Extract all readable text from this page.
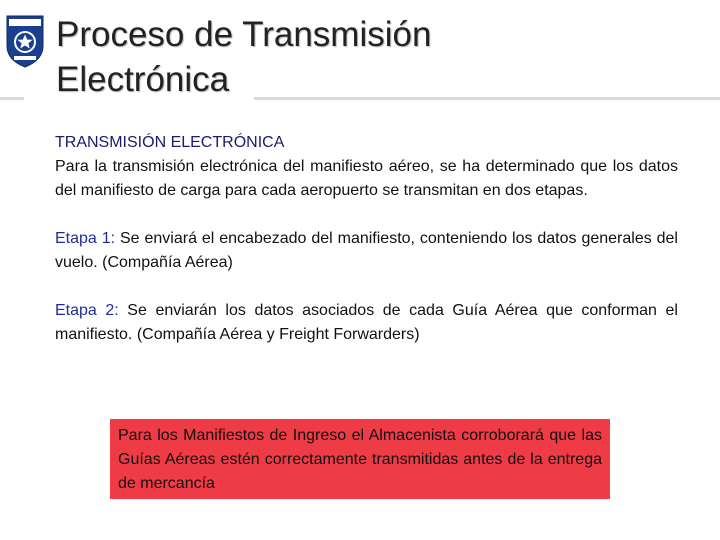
Proceso de Transmisión
Electrónica

TRANSMISIÓN ELECTRÓNICA

Para la transmisión electrónica del manifiesto aéreo, se ha determinado que los datos del manifiesto de carga para cada aeropuerto se transmitan en dos etapas.

Etapa 1: Se enviará el encabezado del manifiesto, conteniendo los datos generales del vuelo. (Compañía Aérea)

Etapa 2: Se enviarán los datos asociados de cada Guía Aérea que conforman el manifiesto. (Compañía Aérea y Freight Forwarders)

Para los Manifiestos de Ingreso el Almacenista corroborará que las Guías Aéreas estén correctamente transmitidas antes de la entrega de mercancía
